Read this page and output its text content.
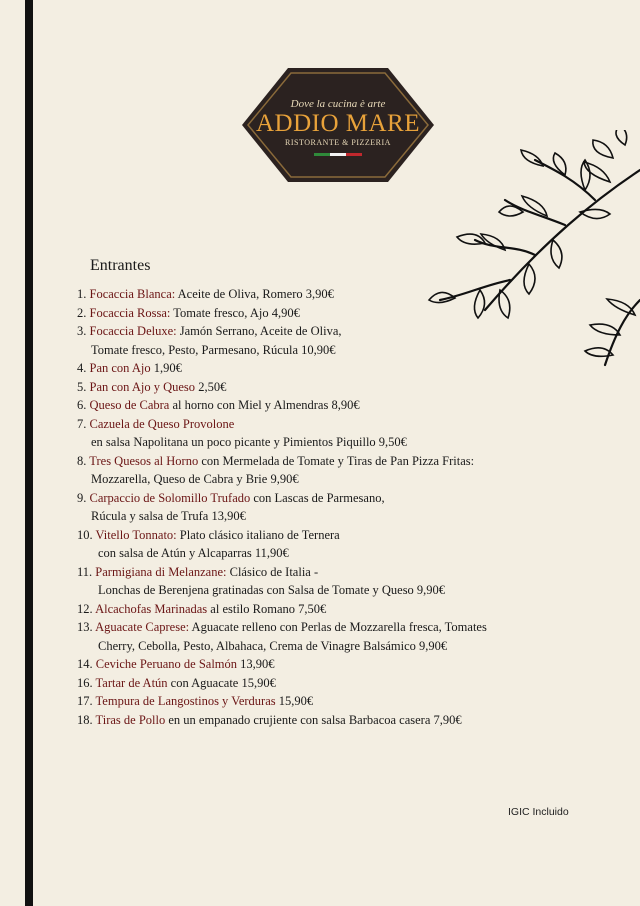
Dove la cucina è arte
ADDIO MARE
RISTORANTE & PIZZERIA
Entrantes
1. Focaccia Blanca: Aceite de Oliva, Romero 3,90€
2. Focaccia Rossa: Tomate fresco, Ajo 4,90€
3. Focaccia Deluxe: Jamón Serrano, Aceite de Oliva,
Tomate fresco, Pesto, Parmesano, Rúcula 10,90€
4. Pan con Ajo 1,90€
5. Pan con Ajo y Queso 2,50€
6. Queso de Cabra al horno con Miel y Almendras 8,90€
7. Cazuela de Queso Provolone
en salsa Napolitana un poco picante y Pimientos Piquillo 9,50€
8. Tres Quesos al Horno con Mermelada de Tomate y Tiras de Pan Pizza Fritas:
Mozzarella, Queso de Cabra y Brie 9,90€
9. Carpaccio de Solomillo Trufado con Lascas de Parmesano,
Rúcula y salsa de Trufa 13,90€
10. Vitello Tonnato: Plato clásico italiano de Ternera
con salsa de Atún y Alcaparras 11,90€
11. Parmigiana di Melanzane: Clásico de Italia -
Lonchas de Berenjena gratinadas con Salsa de Tomate y Queso 9,90€
12. Alcachofas Marinadas al estilo Romano 7,50€
13. Aguacate Caprese: Aguacate relleno con Perlas de Mozzarella fresca, Tomates
Cherry, Cebolla, Pesto, Albahaca, Crema de Vinagre Balsámico 9,90€
14. Ceviche Peruano de Salmón 13,90€
16. Tartar de Atún con Aguacate 15,90€
17. Tempura de Langostinos y Verduras 15,90€
18. Tiras de Pollo en un empanado crujiente con salsa Barbacoa casera 7,90€
IGIC Incluido
